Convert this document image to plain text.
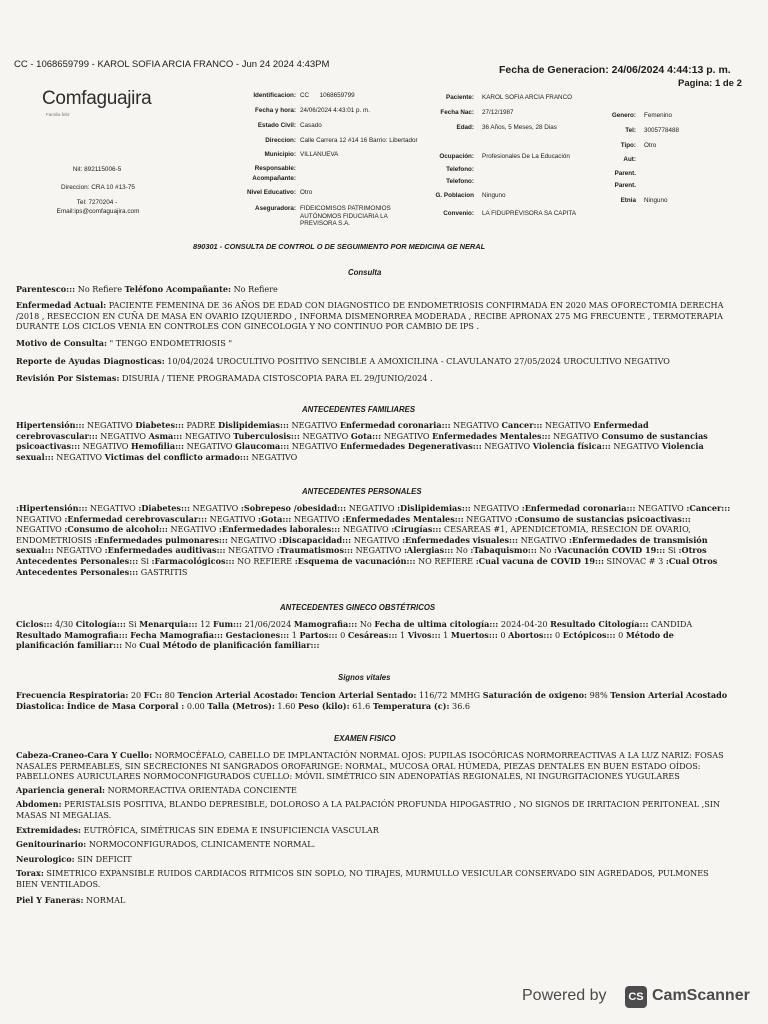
CC - 1068659799 - KAROL SOFIA ARCIA FRANCO - Jun 24 2024 4:43PM	Fecha de Generacion: 24/06/2024 4:44:13 p. m.
Pagina: 1 de 2
Comfaguajira
Familia feliz
Nit: 892115006-5
Direccion: CRA 10 #13-75
Tel: 7270204 -
Email:ips@comfaguajira.com
Identificacion: CC      1068659799
Fecha y hora: 24/06/2024 4:43:01 p. m.
Estado Civil: Casado
Direccion: Calle Carrera 12 #14 16 Barrio: Libertador
Municipio: VILLANUEVA
Responsable:
Acompañante:
Nivel Educativo: Otro
Aseguradora: FIDEICOMISOS PATRIMONIOS AUTÓNOMOS FIDUCIARIA LA PREVISORA S.A.
Paciente: KAROL SOFIA ARCIA FRANCO
Fecha Nac: 27/12/1987
Edad: 36 Años, 5 Meses, 28 Dias
Ocupación: Profesionales De La Educación
Telefono:
Telefono:
G. Poblacion Ninguno
Convenio: LA FIDUPREVISORA SA CAPITA
Genero: Femenino
Tel: 3005778488
Tipo: Otro
Aut:
Parent.
Parent.
Etnia Ninguno
890301 - CONSULTA DE CONTROL O DE SEGUIMIENTO POR MEDICINA GE NERAL
Consulta
Parentesco::: No Refiere Teléfono Acompañante: No Refiere
Enfermedad Actual: PACIENTE FEMENINA DE 36 AÑOS DE EDAD CON DIAGNOSTICO DE ENDOMETRIOSIS CONFIRMADA EN 2020 MAS OFORECTOMIA DERECHA /2018 , RESECCION EN CUÑA DE MASA EN OVARIO IZQUIERDO , INFORMA DISMENORREA MODERADA , RECIBE APRONAX 275 MG FRECUENTE , TERMOTERAPIA DURANTE LOS CICLOS VENIA EN CONTROLES CON GINECOLOGIA Y NO CONTINUO POR CAMBIO DE IPS .
Motivo de Consulta: " TENGO ENDOMETRIOSIS "
Reporte de Ayudas Diagnosticas: 10/04/2024 UROCULTIVO POSITIVO SENCIBLE A AMOXICILINA - CLAVULANATO 27/05/2024 UROCULTIVO NEGATIVO
Revisión Por Sistemas: DISURIA / TIENE PROGRAMADA CISTOSCOPIA PARA EL 29/JUNIO/2024 .
ANTECEDENTES FAMILIARES
Hipertensión::: NEGATIVO Diabetes::: PADRE Dislipidemias::: NEGATIVO Enfermedad coronaria::: NEGATIVO Cancer::: NEGATIVO Enfermedad cerebrovascular::: NEGATIVO Asma::: NEGATIVO Tuberculosis::: NEGATIVO Gota::: NEGATIVO Enfermedades Mentales::: NEGATIVO Consumo de sustancias psicoactivas::: NEGATIVO Hemofilia::: NEGATIVO Glaucoma::: NEGATIVO Enfermedades Degenerativas::: NEGATIVO Violencia física::: NEGATIVO Violencia sexual::: NEGATIVO Victimas del conflicto armado::: NEGATIVO
ANTECEDENTES PERSONALES
:Hipertensión::: NEGATIVO :Diabetes::: NEGATIVO :Sobrepeso /obesidad::: NEGATIVO :Dislipidemias::: NEGATIVO :Enfermedad coronaria::: NEGATIVO :Cancer::: NEGATIVO :Enfermedad cerebrovascular::: NEGATIVO :Gota::: NEGATIVO :Enfermedades Mentales::: NEGATIVO :Consumo de sustancias psicoactivas::: NEGATIVO :Consumo de alcohol::: NEGATIVO :Enfermedades laborales::: NEGATIVO :Cirugías::: CESAREAS #1, APENDICETOMIA, RESECION DE OVARIO, ENDOMETRIOSIS :Enfermedades pulmonares::: NEGATIVO :Discapacidad::: NEGATIVO :Enfermedades visuales::: NEGATIVO :Enfermedades de transmisión sexual::: NEGATIVO :Enfermedades auditivas::: NEGATIVO :Traumatismos::: NEGATIVO :Alergias::: No :Tabaquismo::: No :Vacunación COVID 19::: Si :Otros Antecedentes Personales::: Si :Farmacológicos::: NO REFIERE :Esquema de vacunación::: NO REFIERE :Cual vacuna de COVID 19::: SINOVAC # 3 :Cual Otros Antecedentes Personales::: GASTRITIS
ANTECEDENTES GINECO OBSTÉTRICOS
Ciclos::: 4/30 Citología::: Si Menarquia::: 12 Fum::: 21/06/2024 Mamografia::: No Fecha de ultima citología::: 2024-04-20 Resultado Citología::: CANDIDA Resultado Mamografia::: Fecha Mamografia::: Gestaciones::: 1 Partos::: 0 Cesáreas::: 1 Vivos::: 1 Muertos::: 0 Abortos::: 0 Ectópicos::: 0 Método de planificación familiar::: No Cual Método de planificación familiar:::
Signos vitales
Frecuencia Respiratoria: 20 FC:: 80 Tencion Arterial Acostado: Tencion Arterial Sentado: 116/72 MMHG Saturación de oxigeno: 98% Tension Arterial Acostado Diastolica: Índice de Masa Corporal : 0.00 Talla (Metros): 1.60 Peso (kilo): 61.6 Temperatura (c): 36.6
EXAMEN FISICO
Cabeza-Craneo-Cara Y Cuello: NORMOCÉFALO, CABELLO DE IMPLANTACIÓN NORMAL OJOS: PUPILAS ISOCÓRICAS NORMORREACTIVAS A LA LUZ NARIZ: FOSAS NASALES PERMEABLES, SIN SECRECIONES NI SANGRADOS OROFARINGE: NORMAL, MUCOSA ORAL HÚMEDA, PIEZAS DENTALES EN BUEN ESTADO OÍDOS: PABELLONES AURICULARES NORMOCONFIGURADOS CUELLO: MÓVIL SIMÉTRICO SIN ADENOPATÍAS REGIONALES, NI INGURGITACIONES YUGULARES
Apariencia general: NORMOREACTIVA ORIENTADA CONCIENTE
Abdomen: PERISTALSIS POSITIVA, BLANDO DEPRESIBLE, DOLOROSO A LA PALPACIÓN PROFUNDA HIPOGASTRIO , NO SIGNOS DE IRRITACION PERITONEAL ,SIN MASAS NI MEGALIAS.
Extremidades: EUTRÓFICA, SIMÉTRICAS SIN EDEMA E INSUFICIENCIA VASCULAR
Genitourinario: NORMOCONFIGURADOS, CLINICAMENTE NORMAL.
Neurologico: SIN DEFICIT
Torax: SIMETRICO EXPANSIBLE RUIDOS CARDIACOS RITMICOS SIN SOPLO, NO TIRAJES, MURMULLO VESICULAR CONSERVADO SIN AGREDADOS, PULMONES BIEN VENTILADOS.
Piel Y Faneras: NORMAL
Powered by	CS CamScanner
